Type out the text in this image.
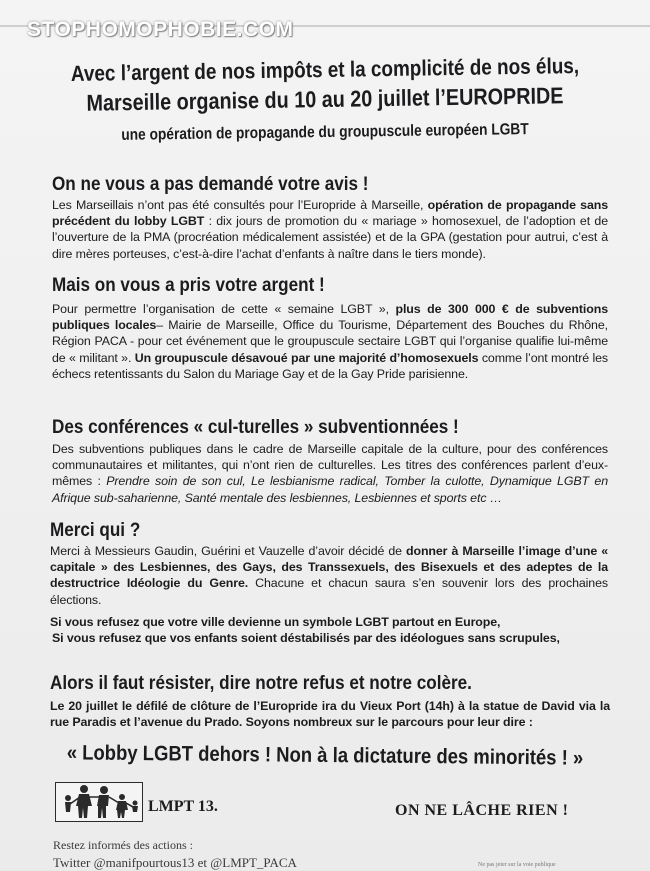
STOPHOMOPHOBIE.COM
Avec l’argent de nos impôts et la complicité de nos élus,
Marseille organise du 10 au 20 juillet l’EUROPRIDE
une opération de propagande du groupuscule européen LGBT
On ne vous a pas demandé votre avis !
Les Marseillais n’ont pas été consultés pour l’Europride à Marseille, opération de propagande sans précédent du lobby LGBT : dix jours de promotion du « mariage » homosexuel, de l’adoption et de l’ouverture de la PMA (procréation médicalement assistée) et de la GPA (gestation pour autrui, c’est à dire mères porteuses, c’est-à-dire l’achat d’enfants à naître dans le tiers monde).
Mais on vous a pris votre argent !
Pour permettre l’organisation de cette « semaine LGBT », plus de 300 000 € de subventions publiques locales– Mairie de Marseille, Office du Tourisme, Département des Bouches du Rhône, Région PACA - pour cet événement que le groupuscule sectaire LGBT qui l’organise qualifie lui-même de « militant ». Un groupuscule désavoué par une majorité d’homosexuels comme l’ont montré les échecs retentissants du Salon du Mariage Gay et de la Gay Pride parisienne.
Des conférences « cul-turelles » subventionnées !
Des subventions publiques dans le cadre de Marseille capitale de la culture, pour des conférences communautaires et militantes, qui n’ont rien de culturelles. Les titres des conférences parlent d’eux-mêmes : Prendre soin de son cul, Le lesbianisme radical, Tomber la culotte, Dynamique LGBT en Afrique sub-saharienne, Santé mentale des lesbiennes, Lesbiennes et sports etc …
Merci qui ?
Merci à Messieurs Gaudin, Guérini et Vauzelle d’avoir décidé de donner à Marseille l’image d’une « capitale » des Lesbiennes, des Gays, des Transsexuels, des Bisexuels et des adeptes de la destructrice Idéologie du Genre. Chacune et chacun saura s’en souvenir lors des prochaines élections.
Si vous refusez que votre ville devienne un symbole LGBT partout en Europe,
Si vous refusez que vos enfants soient déstabilisés par des idéologues sans scrupules,
Alors il faut résister, dire notre refus et notre colère.
Le 20 juillet le défilé de clôture de l’Europride ira du Vieux Port (14h) à la statue de David via la rue Paradis et l’avenue du Prado. Soyons nombreux sur le parcours pour leur dire :
« Lobby LGBT dehors ! Non à la dictature des minorités ! »
LMPT 13.	ON NE LÂCHE RIEN !
Restez informés des actions :
Twitter @manifpourtous13 et @LMPT_PACA	Ne pas jeter sur la voie publique
